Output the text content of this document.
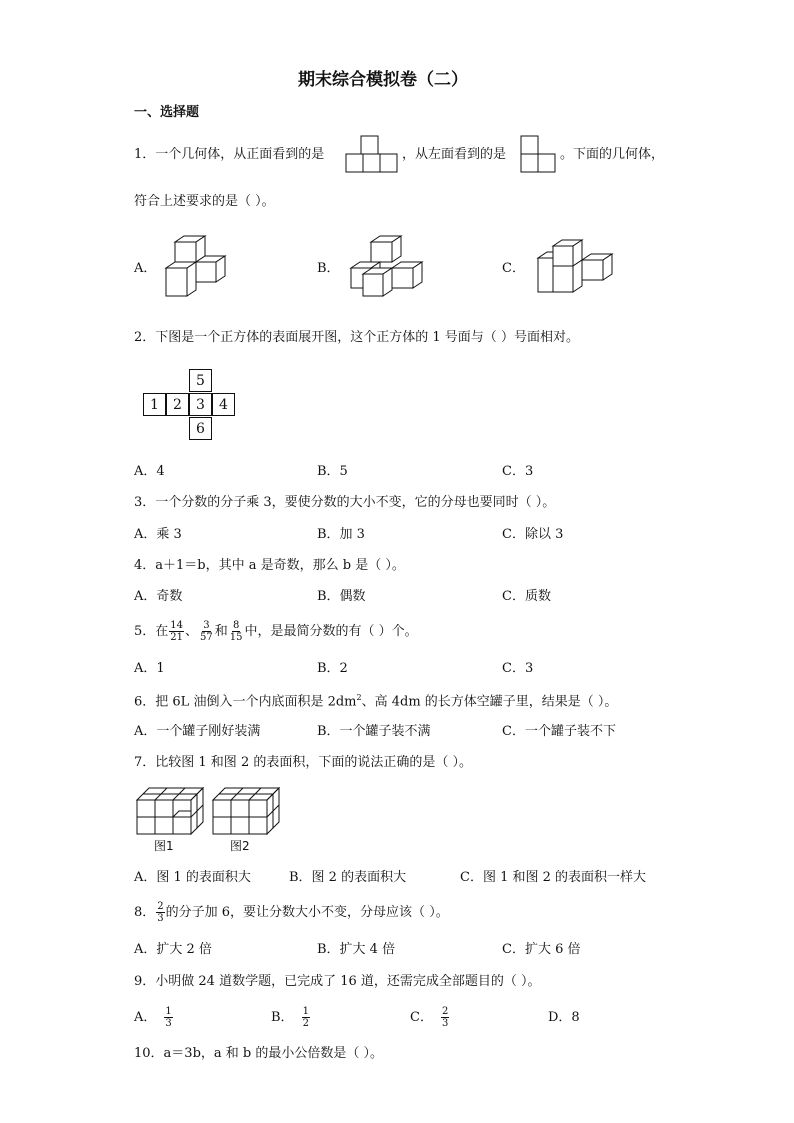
期末综合模拟卷（二）
一、选择题
1．一个几何体，从正面看到的是	，从左面看到的是	。下面的几何体，
符合上述要求的是（ ）。
A．	B．	C．
2．下图是一个正方体的表面展开图，这个正方体的 1 号面与（ ）号面相对。
5
1	2	3	4
6
A．4	B．5	C．3
3．一个分数的分子乘 3，要使分数的大小不变，它的分母也要同时（ ）。
A．乘 3	B．加 3	C．除以 3
4．a＋1＝b，其中 a 是奇数，那么 b 是（ ）。
A．奇数	B．偶数	C．质数
5．在 $\frac{14}{21}$ 、 $\frac{3}{57}$ 和 $\frac{8}{15}$ 中，是最简分数的有（ ）个。
A．1	B．2	C．3
6．把 6L 油倒入一个内底面积是 $2dm^2$、高 4dm 的长方体空罐子里，结果是（ ）。
A．一个罐子刚好装满	B．一个罐子装不满	C．一个罐子装不下
7．比较图 1 和图 2 的表面积，下面的说法正确的是（ ）。
图1	图2
A．图 1 的表面积大	B．图 2 的表面积大	C．图 1 和图 2 的表面积一样大
8． $\frac{2}{3}$ 的分子加 6，要让分数大小不变，分母应该（ ）。
A．扩大 2 倍	B．扩大 4 倍	C．扩大 6 倍
9．小明做 24 道数学题，已完成了 16 道，还需完成全部题目的（ ）。
A． $\frac{1}{3}$	B． $\frac{1}{2}$	C． $\frac{2}{3}$	D．8
10．a＝3b，a 和 b 的最小公倍数是（ ）。
